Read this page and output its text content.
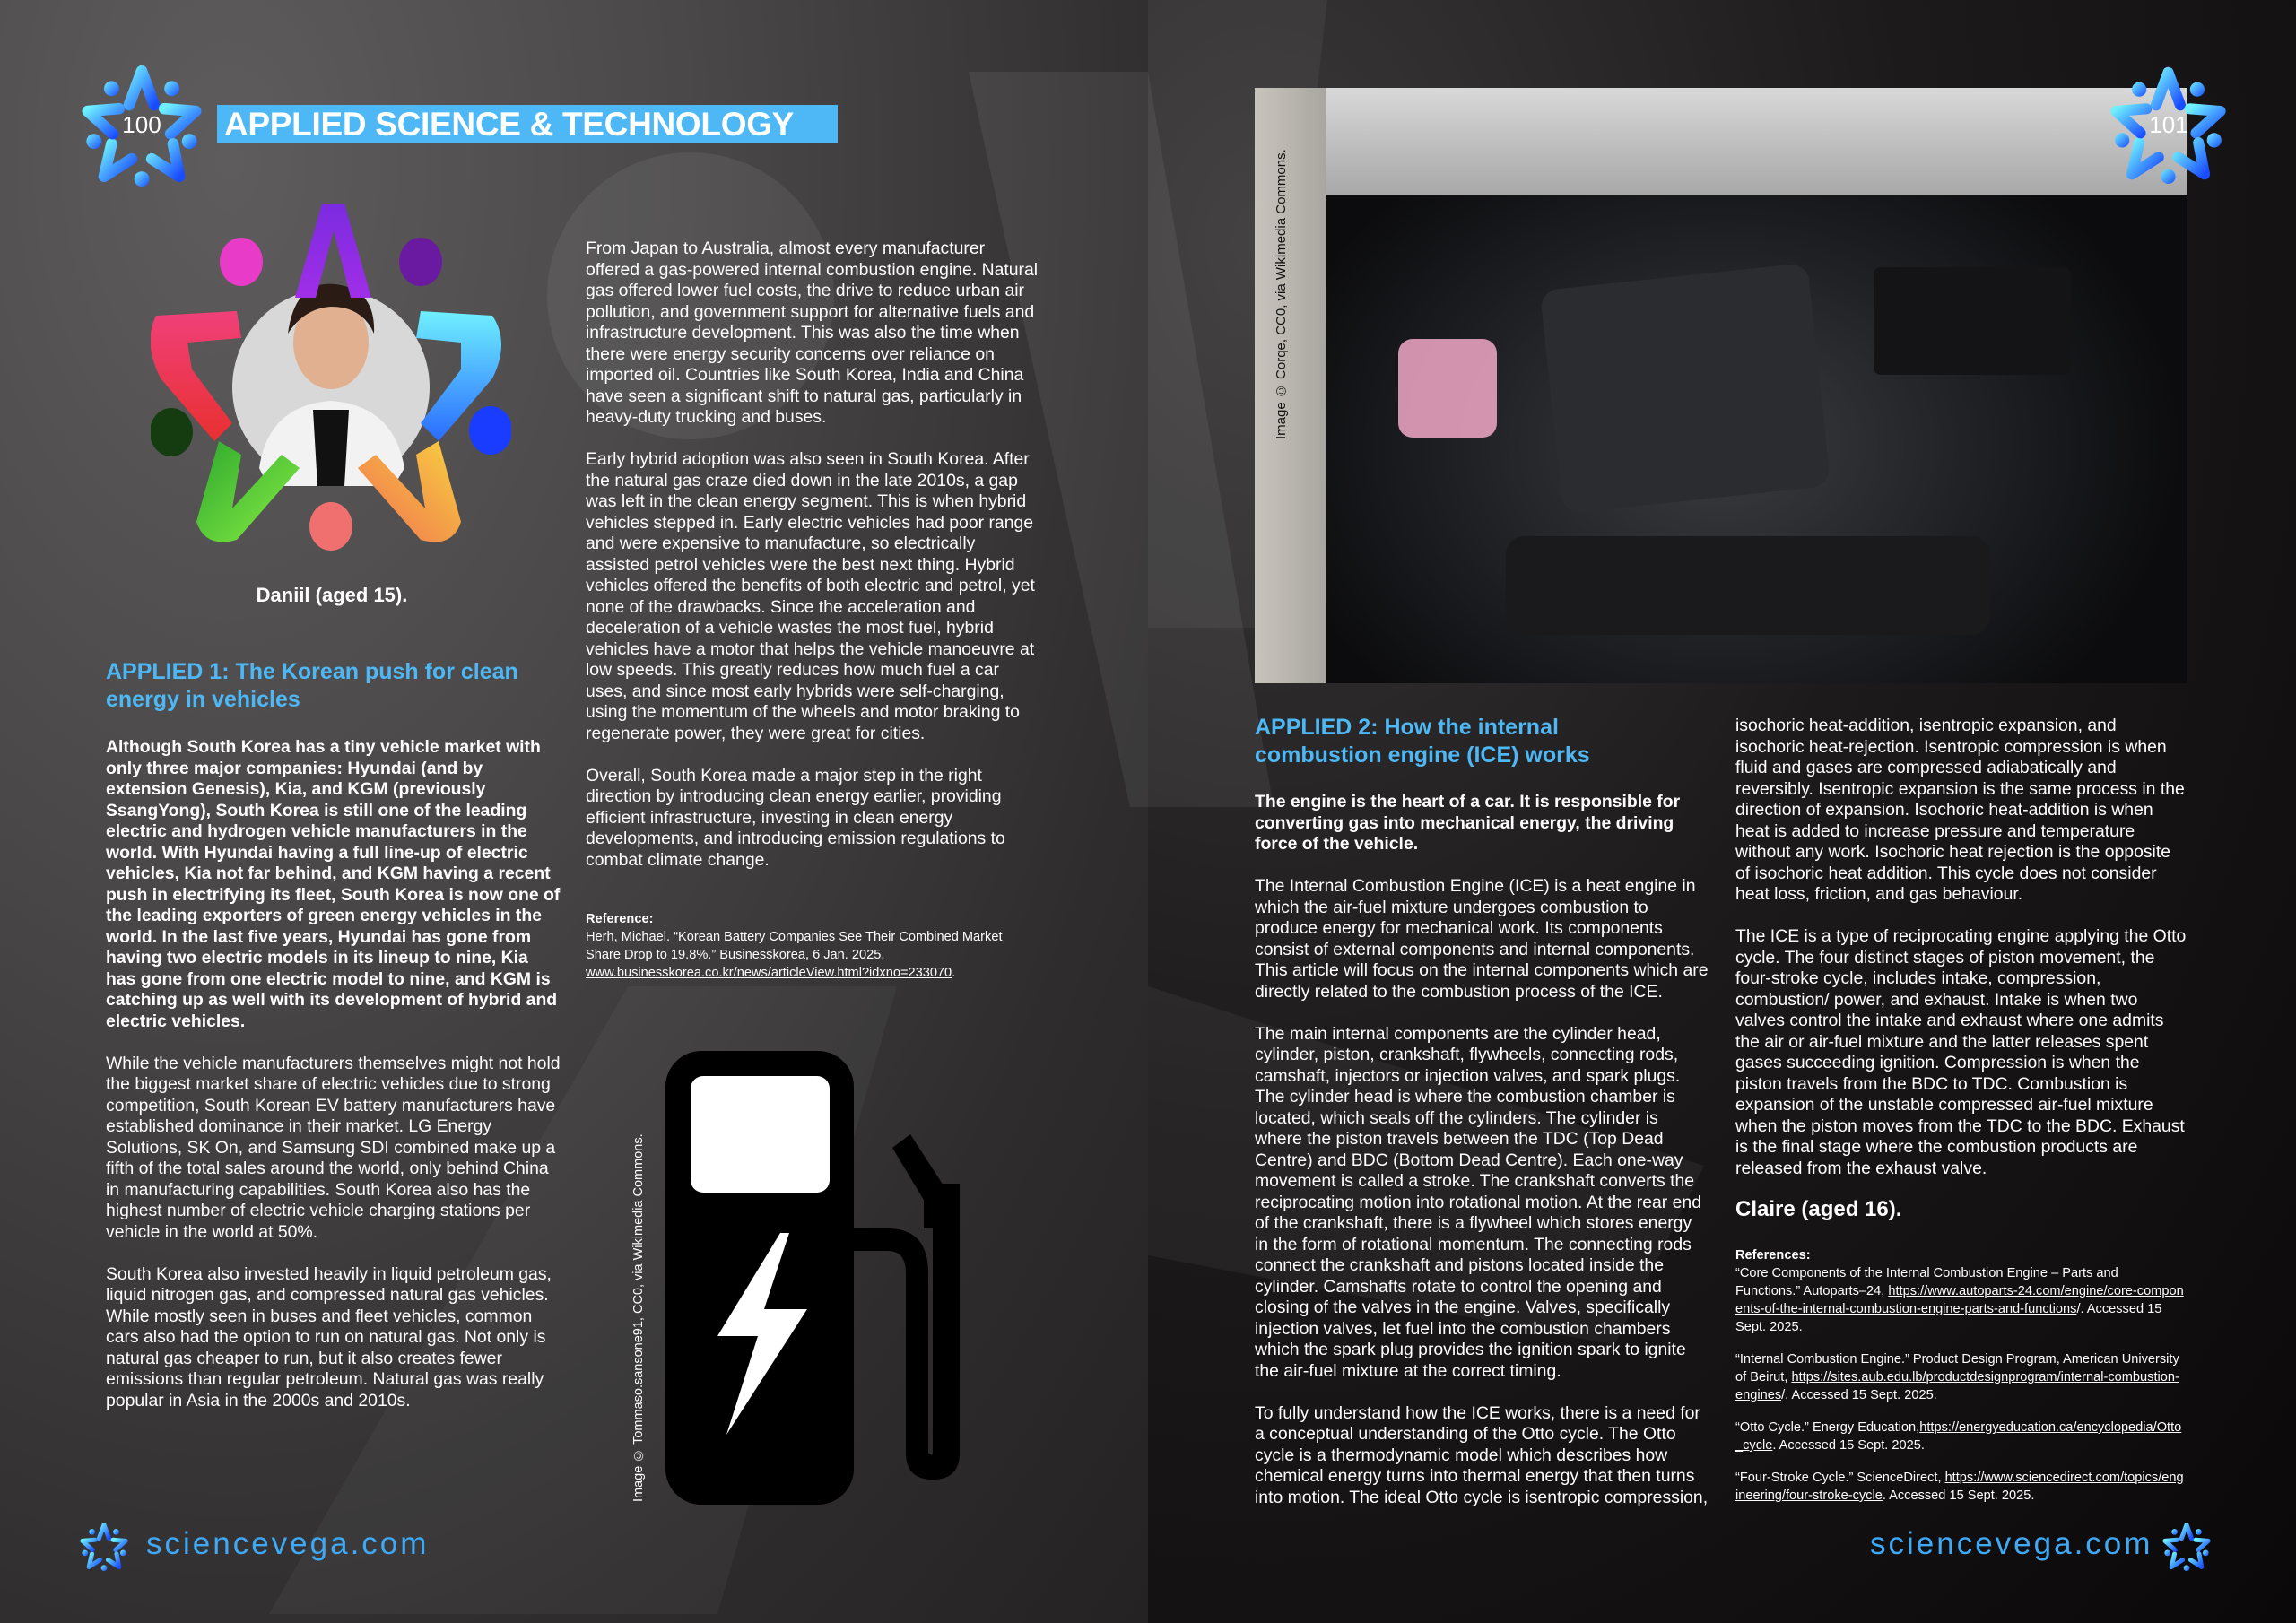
100 APPLIED SCIENCE & TECHNOLOGY
Daniil (aged 15).
APPLIED 1: The Korean push for clean energy in vehicles

Although South Korea has a tiny vehicle market with only three major companies: Hyundai (and by extension Genesis), Kia, and KGM (previously SsangYong), South Korea is still one of the leading electric and hydrogen vehicle manufacturers in the world. With Hyundai having a full line-up of electric vehicles, Kia not far behind, and KGM having a recent push in electrifying its fleet, South Korea is now one of the leading exporters of green energy vehicles in the world. In the last five years, Hyundai has gone from having two electric models in its lineup to nine, Kia has gone from one electric model to nine, and KGM is catching up as well with its development of hybrid and electric vehicles.

While the vehicle manufacturers themselves might not hold the biggest market share of electric vehicles due to strong competition, South Korean EV battery manufacturers have established dominance in their market. LG Energy Solutions, SK On, and Samsung SDI combined make up a fifth of the total sales around the world, only behind China in manufacturing capabilities. South Korea also has the highest number of electric vehicle charging stations per vehicle in the world at 50%.

South Korea also invested heavily in liquid petroleum gas, liquid nitrogen gas, and compressed natural gas vehicles. While mostly seen in buses and fleet vehicles, common cars also had the option to run on natural gas. Not only is natural gas cheaper to run, but it also creates fewer emissions than regular petroleum. Natural gas was really popular in Asia in the 2000s and 2010s.

From Japan to Australia, almost every manufacturer offered a gas-powered internal combustion engine. Natural gas offered lower fuel costs, the drive to reduce urban air pollution, and government support for alternative fuels and infrastructure development. This was also the time when there were energy security concerns over reliance on imported oil. Countries like South Korea, India and China have seen a significant shift to natural gas, particularly in heavy-duty trucking and buses.

Early hybrid adoption was also seen in South Korea. After the natural gas craze died down in the late 2010s, a gap was left in the clean energy segment. This is when hybrid vehicles stepped in. Early electric vehicles had poor range and were expensive to manufacture, so electrically assisted petrol vehicles were the best next thing. Hybrid vehicles offered the benefits of both electric and petrol, yet none of the drawbacks. Since the acceleration and deceleration of a vehicle wastes the most fuel, hybrid vehicles have a motor that helps the vehicle manoeuvre at low speeds. This greatly reduces how much fuel a car uses, and since most early hybrids were self-charging, using the momentum of the wheels and motor braking to regenerate power, they were great for cities.

Overall, South Korea made a major step in the right direction by introducing clean energy earlier, providing efficient infrastructure, investing in clean energy developments, and introducing emission regulations to combat climate change.

Reference:
Herh, Michael. “Korean Battery Companies See Their Combined Market Share Drop to 19.8%.” Businesskorea, 6 Jan. 2025, www.businesskorea.co.kr/news/articleView.html?idxno=233070.
Image © Tommaso.sansone91, CC0, via Wikimedia Commons.
sciencevega.com
Image © Corqe, CC0, via Wikimedia Commons.
101
APPLIED 2: How the internal combustion engine (ICE) works

The engine is the heart of a car. It is responsible for converting gas into mechanical energy, the driving force of the vehicle.

The Internal Combustion Engine (ICE) is a heat engine in which the air-fuel mixture undergoes combustion to produce energy for mechanical work. Its components consist of external components and internal components. This article will focus on the internal components which are directly related to the combustion process of the ICE.

The main internal components are the cylinder head, cylinder, piston, crankshaft, flywheels, connecting rods, camshaft, injectors or injection valves, and spark plugs. The cylinder head is where the combustion chamber is located, which seals off the cylinders. The cylinder is where the piston travels between the TDC (Top Dead Centre) and BDC (Bottom Dead Centre). Each one-way movement is called a stroke. The crankshaft converts the reciprocating motion into rotational motion. At the rear end of the crankshaft, there is a flywheel which stores energy in the form of rotational momentum. The connecting rods connect the crankshaft and pistons located inside the cylinder. Camshafts rotate to control the opening and closing of the valves in the engine. Valves, specifically injection valves, let fuel into the combustion chambers which the spark plug provides the ignition spark to ignite the air-fuel mixture at the correct timing.

To fully understand how the ICE works, there is a need for a conceptual understanding of the Otto cycle. The Otto cycle is a thermodynamic model which describes how chemical energy turns into thermal energy that then turns into motion. The ideal Otto cycle is isentropic compression,

isochoric heat-addition, isentropic expansion, and isochoric heat-rejection. Isentropic compression is when fluid and gases are compressed adiabatically and reversibly. Isentropic expansion is the same process in the direction of expansion. Isochoric heat-addition is when heat is added to increase pressure and temperature without any work. Isochoric heat rejection is the opposite of isochoric heat addition. This cycle does not consider heat loss, friction, and gas behaviour.

The ICE is a type of reciprocating engine applying the Otto cycle. The four distinct stages of piston movement, the four-stroke cycle, includes intake, compression, combustion/ power, and exhaust. Intake is when two valves control the intake and exhaust where one admits the air or air-fuel mixture and the latter releases spent gases succeeding ignition. Compression is when the piston travels from the BDC to TDC. Combustion is expansion of the unstable compressed air-fuel mixture when the piston moves from the TDC to the BDC. Exhaust is the final stage where the combustion products are released from the exhaust valve.

Claire (aged 16).
References:
“Core Components of the Internal Combustion Engine – Parts and Functions.” Autoparts–24, https://www.autoparts-24.com/engine/core-components-of-the-internal-combustion-engine-parts-and-functions/. Accessed 15 Sept. 2025.
“Internal Combustion Engine.” Product Design Program, American University of Beirut, https://sites.aub.edu.lb/productdesignprogram/internal-combustion-engines/. Accessed 15 Sept. 2025.
“Otto Cycle.” Energy Education,https://energyeducation.ca/encyclopedia/Otto_cycle. Accessed 15 Sept. 2025.
“Four-Stroke Cycle.” ScienceDirect, https://www.sciencedirect.com/topics/engineering/four-stroke-cycle. Accessed 15 Sept. 2025.
sciencevega.com
